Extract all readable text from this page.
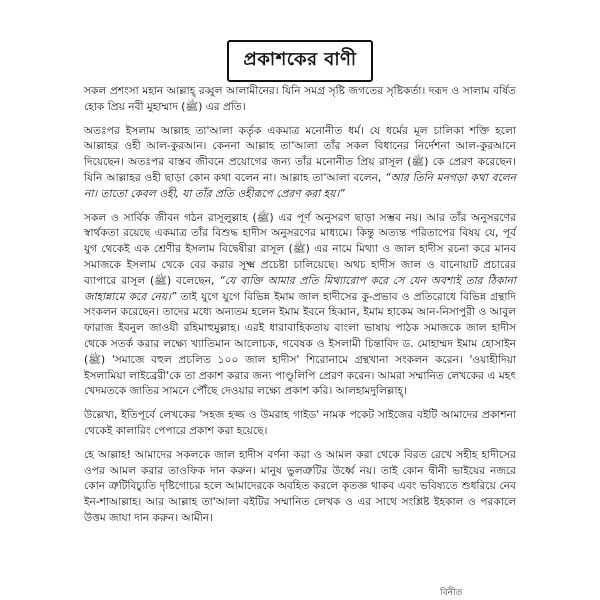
প্রকাশকের বাণী

সকল প্রশংসা মহান আল্লাহ্‌ রব্বুল আলামীনের। যিনি সমগ্র সৃষ্টি জগতের সৃষ্টিকর্তা। দরূদ ও সালাম বর্ষিত হোক প্রিয় নবী মুহাম্মাদ (ﷺ) এর প্রতি।

অতঃপর ইসলাম আল্লাহ তা'আলা কর্তৃক একমাত্র মনোনীত ধর্ম। যে ধর্মের মূল চালিকা শক্তি হলো আল্লাহর ওহী আল-কুরআন। কেননা আল্লাহ তা'আলা তাঁর সকল বিধানের নির্দেশনা আল-কুরআনে দিয়েছেন। অতঃপর বাস্তব জীবনে প্রয়োগের জন্য তাঁর মনোনীত প্রিয় রাসূল (ﷺ) কে প্রেরণ করেছেন। যিনি আল্লাহর ওহী ছাড়া কোন কথা বলেন না। আল্লাহ তা'আলা বলেন, “আর তিনি মনগড়া কথা বলেন না। তাতো কেবল ওহী, যা তাঁর প্রতি ওহীরূপে প্রেরণ করা হয়।”

সকল ও সার্বিক জীবন গঠন রাসূলুল্লাহ (ﷺ) এর পূর্ণ অনুসরণ ছাড়া সম্ভব নয়। আর তাঁর অনুসরণের স্বার্থকতা রয়েছে একমাত্র তাঁর বিশুদ্ধ হাদীস অনুসরণের মাধ্যমে। কিন্তু অত্যন্ত পরিতাপের বিষয় যে, পূর্ব যুগ থেকেই এক শ্রেণীর ইসলাম বিদ্বেষীরা রাসূল (ﷺ) এর নামে মিথ্যা ও জাল হাদীস রচনা করে মানব সমাজকে ইসলাম থেকে বের করার সূক্ষ্ম প্রচেষ্টা চালিয়েছে। অথচ হাদীস জাল ও বানোয়াট প্রচারের ব্যাপারে রাসূল (ﷺ) বলেছেন, “যে ব্যক্তি আমার প্রতি মিথ্যারোপ করে সে যেন অবশ্যই তার ঠিকানা জাহান্নামে করে নেয়।” তাই যুগে যুগে বিভিন্ন ইমাম জাল হাদীসের কু-প্রভাব ও প্রতিরোধে বিভিন্ন গ্রন্থাদি সংকলন করেছেন। তাদের মধ্যে অন্যতম হলেন ইমাম ইবনে হিব্বান, ইমাম হাকেম আন-নিসাপুরী ও আবুল ফারাজ ইবনুল জাওযী রহিমাহুমুল্লাহ। এরই ধারাবাহিকতায় বাংলা ভাষায় পাঠক সমাজকে জাল হাদীস থেকে সতর্ক করার লক্ষ্যে খ্যাতিমান আলোচক, গবেষক ও ইসলামী চিন্তাবিদ ড. মোহাম্মদ ইমাম হোসাইন (ﷺ) 'সমাজে বহুল প্রচলিত ১০০ জাল হাদীস' শিরোনামে গ্রন্থখানা সংকলন করেন। 'ওয়াহীদিয়া ইসলামিয়া লাইব্রেরী'কে তা প্রকাশ করার জন্য পাণ্ডুলিপি প্রেরণ করেন। আমরা সম্মানিত লেখকের এ মহৎ খেদমতকে জাতির সামনে পৌঁছে দেওয়ার লক্ষ্যে প্রকাশ করি। আলহামদুলিল্লাহ্‌।

উল্লেখ্য, ইতিপূর্বে লেখকের 'সহজ হজ্জ ও উমরাহ গাইড' নামক পকেট সাইজের বইটি আমাদের প্রকাশনা থেকেই কালারিং পেপারে প্রকাশ করা হয়েছে।

হে আল্লাহ! আমাদের সকলকে জাল হাদীস বর্ণনা করা ও আমল করা থেকে বিরত রেখে সহীহ হাদীসের ওপর আমল করার তাওফিক দান করুন। মানুষ ভুলত্রুটির উর্ধ্বে নয়। তাই কোন দ্বীনী ভাইয়ের নজরে কোন ত্রুটিবিচ্যুতি দৃষ্টিগোচর হলে আমাদেরকে অবহিত করলে কৃতজ্ঞ থাকব এবং ভবিষ্যতে শুধরিয়ে নেব ইন-শাআল্লাহ। আর আল্লাহ তা'আলা বইটির সম্মানিত লেখক ও এর সাথে সংশ্লিষ্ট ইহকাল ও পরকালে উত্তম জাযা দান করুন। আমীন।

বিনীত
